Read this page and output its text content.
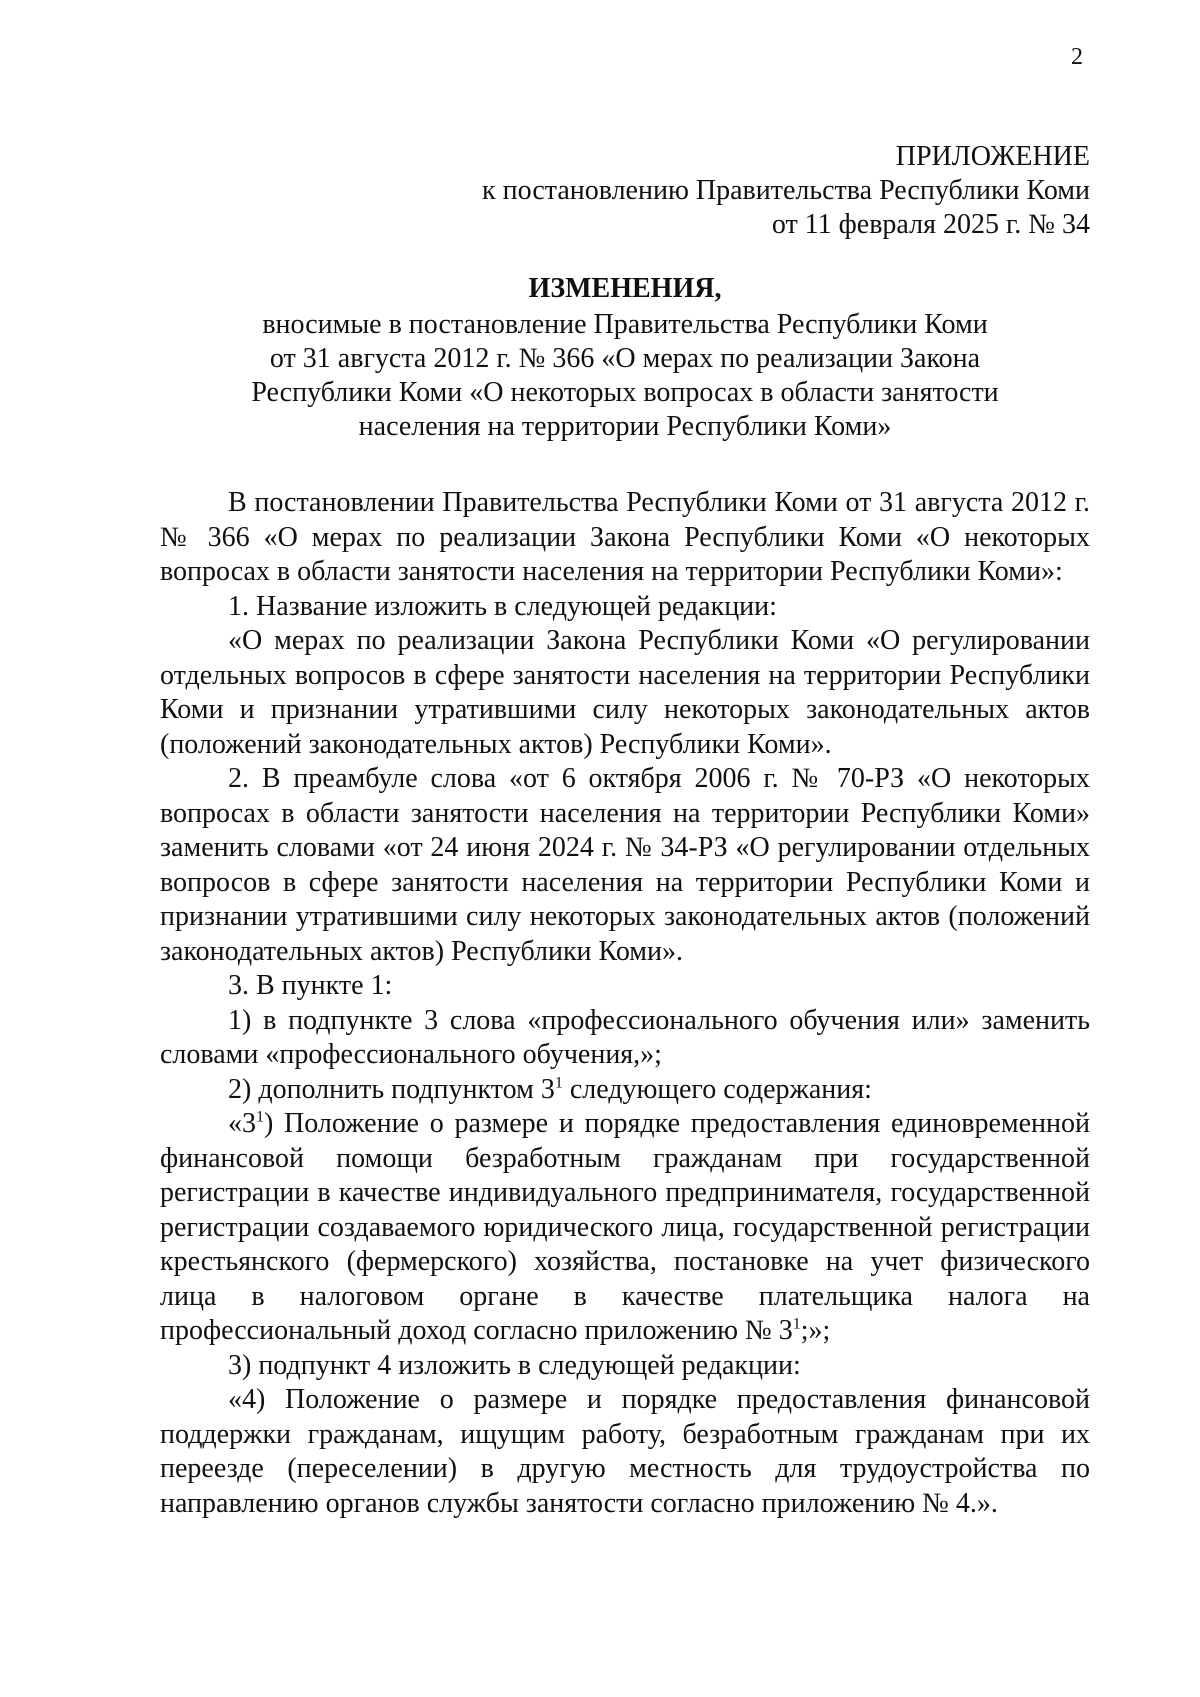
2
ПРИЛОЖЕНИЕ
к постановлению Правительства Республики Коми
от 11 февраля 2025 г. № 34
ИЗМЕНЕНИЯ,
вносимые в постановление Правительства Республики Коми
от 31 августа 2012 г. № 366 «О мерах по реализации Закона
Республики Коми «О некоторых вопросах в области занятости
населения на территории Республики Коми»

В постановлении Правительства Республики Коми от 31 августа 2012 г. № 366 «О мерах по реализации Закона Республики Коми «О некоторых вопросах в области занятости населения на территории Республики Коми»:

1. Название изложить в следующей редакции:

«О мерах по реализации Закона Республики Коми «О регулировании отдельных вопросов в сфере занятости населения на территории Республики Коми и признании утратившими силу некоторых законодательных актов (положений законодательных актов) Республики Коми».

2. В преамбуле слова «от 6 октября 2006 г. № 70-РЗ «О некоторых вопросах в области занятости населения на территории Республики Коми» заменить словами «от 24 июня 2024 г. № 34-РЗ «О регулировании отдельных вопросов в сфере занятости населения на территории Республики Коми и признании утратившими силу некоторых законодательных актов (положений законодательных актов) Республики Коми».

3. В пункте 1:

1) в подпункте 3 слова «профессионального обучения или» заменить словами «профессионального обучения,»;

2) дополнить подпунктом $3^1$ следующего содержания:

«$3^1$) Положение о размере и порядке предоставления единовременной финансовой помощи безработным гражданам при государственной регистрации в качестве индивидуального предпринимателя, государственной регистрации создаваемого юридического лица, государственной регистрации крестьянского (фермерского) хозяйства, постановке на учет физического лица в налоговом органе в качестве плательщика налога на профессиональный доход согласно приложению № $3^1$;»;

3) подпункт 4 изложить в следующей редакции:

«4) Положение о размере и порядке предоставления финансовой поддержки гражданам, ищущим работу, безработным гражданам при их переезде (переселении) в другую местность для трудоустройства по направлению органов службы занятости согласно приложению № 4.».
